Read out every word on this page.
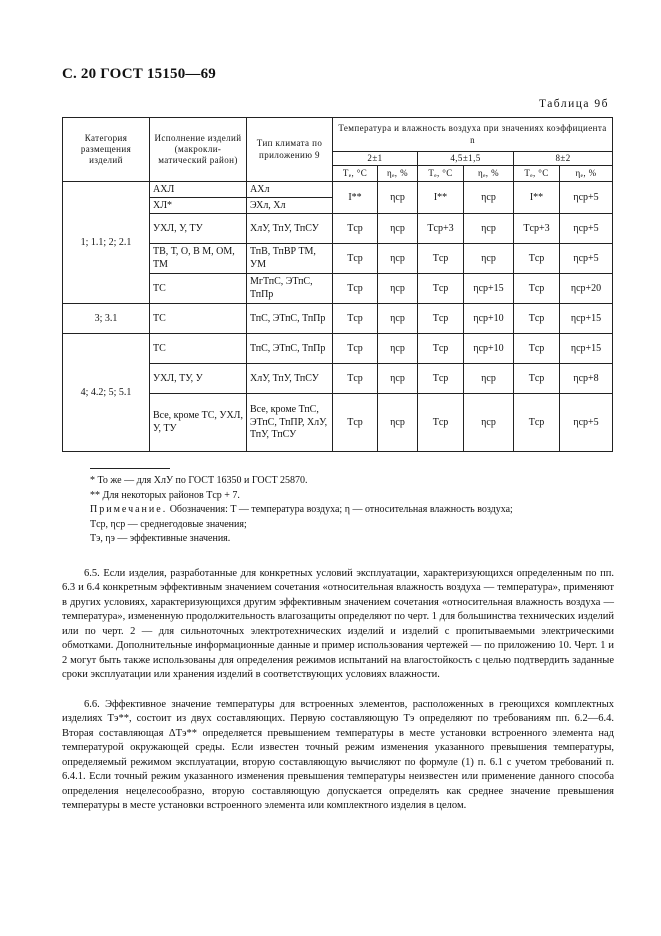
С. 20 ГОСТ 15150—69
Таблица 9б
Категория размещения изделий	Исполнение изделий (макрокли-матический район)	Тип климата по приложению 9	Температура и влажность воздуха при значениях коэффициента n					
			2±1		4,5±1,5		8±2	
			Tₑ, °C	ηₑ, %	Tₑ, °C	ηₑ, %	Tₑ, °C	ηₑ, %
1; 1.1; 2; 2.1	АХЛ	АХл	I**	ηср	I**	ηср	I**	ηср+5
	ХЛ*	ЭХл, Хл						
	УХЛ, У, ТУ	ХлУ, ТпУ, ТпСУ	Tср	ηср	Tср+3	ηср	Tср+3	ηср+5
	ТВ, Т, О, В М, ОМ, ТМ	ТпВ, ТпВР ТМ, УМ	Tср	ηср	Tср	ηср	Tср	ηср+5
	ТС	МгТпС, ЭТпС, ТпПр	Tср	ηср	Tср	ηср+15	Tср	ηср+20
3; 3.1	ТС	ТпС, ЭТпС, ТпПр	Tср	ηср	Tср	ηср+10	Tср	ηср+15
4; 4.2; 5; 5.1	ТС	ТпС, ЭТпС, ТпПр	Tср	ηср	Tср	ηср+10	Tср	ηср+15
	УХЛ, ТУ, У	ХлУ, ТпУ, ТпСУ	Tср	ηср	Tср	ηср	Tср	ηср+8
	Все, кроме ТС, УХЛ, У, ТУ	Все, кроме ТпС, ЭТпС, ТпПР, ХлУ, ТпУ, ТпСУ	Tср	ηср	Tср	ηср	Tср	ηср+5
* То же — для ХлУ по ГОСТ 16350 и ГОСТ 25870.
** Для некоторых районов Tср + 7.
Примечание. Обозначения: T — температура воздуха; η — относительная влажность воздуха;
Tср, ηср — среднегодовые значения;
Tэ, ηэ — эффективные значения.
6.5. Если изделия, разработанные для конкретных условий эксплуатации, характеризующихся определенным по пп. 6.3 и 6.4 конкретным эффективным значением сочетания «относительная влажность воздуха — температура», применяют в других условиях, характеризующихся другим эффективным значением сочетания «относительная влажность воздуха — температура», измененную продолжительность влагозащиты определяют по черт. 1 для большинства технических изделий или по черт. 2 — для сильноточных электротехнических изделий и изделий с пропитываемыми электрическими обмотками. Дополнительные информационные данные и пример использования чертежей — по приложению 10. Черт. 1 и 2 могут быть также использованы для определения режимов испытаний на влагостойкость с целью подтвердить заданные сроки эксплуатации или хранения изделий в соответствующих условиях влажности.
6.6. Эффективное значение температуры для встроенных элементов, расположенных в греющихся комплектных изделиях Tэ**, состоит из двух составляющих. Первую составляющую Tэ определяют по требованиям пп. 6.2—6.4. Вторая составляющая ΔTэ** определяется превышением температуры в месте установки встроенного элемента над температурой окружающей среды. Если известен точный режим изменения указанного превышения температуры, определяемый режимом эксплуатации, вторую составляющую вычисляют по формуле (1) п. 6.1 с учетом требований п. 6.4.1. Если точный режим указанного изменения превышения температуры неизвестен или применение данного способа определения нецелесообразно, вторую составляющую допускается определять как среднее значение превышения температуры в месте установки встроенного элемента или комплектного изделия в целом.
